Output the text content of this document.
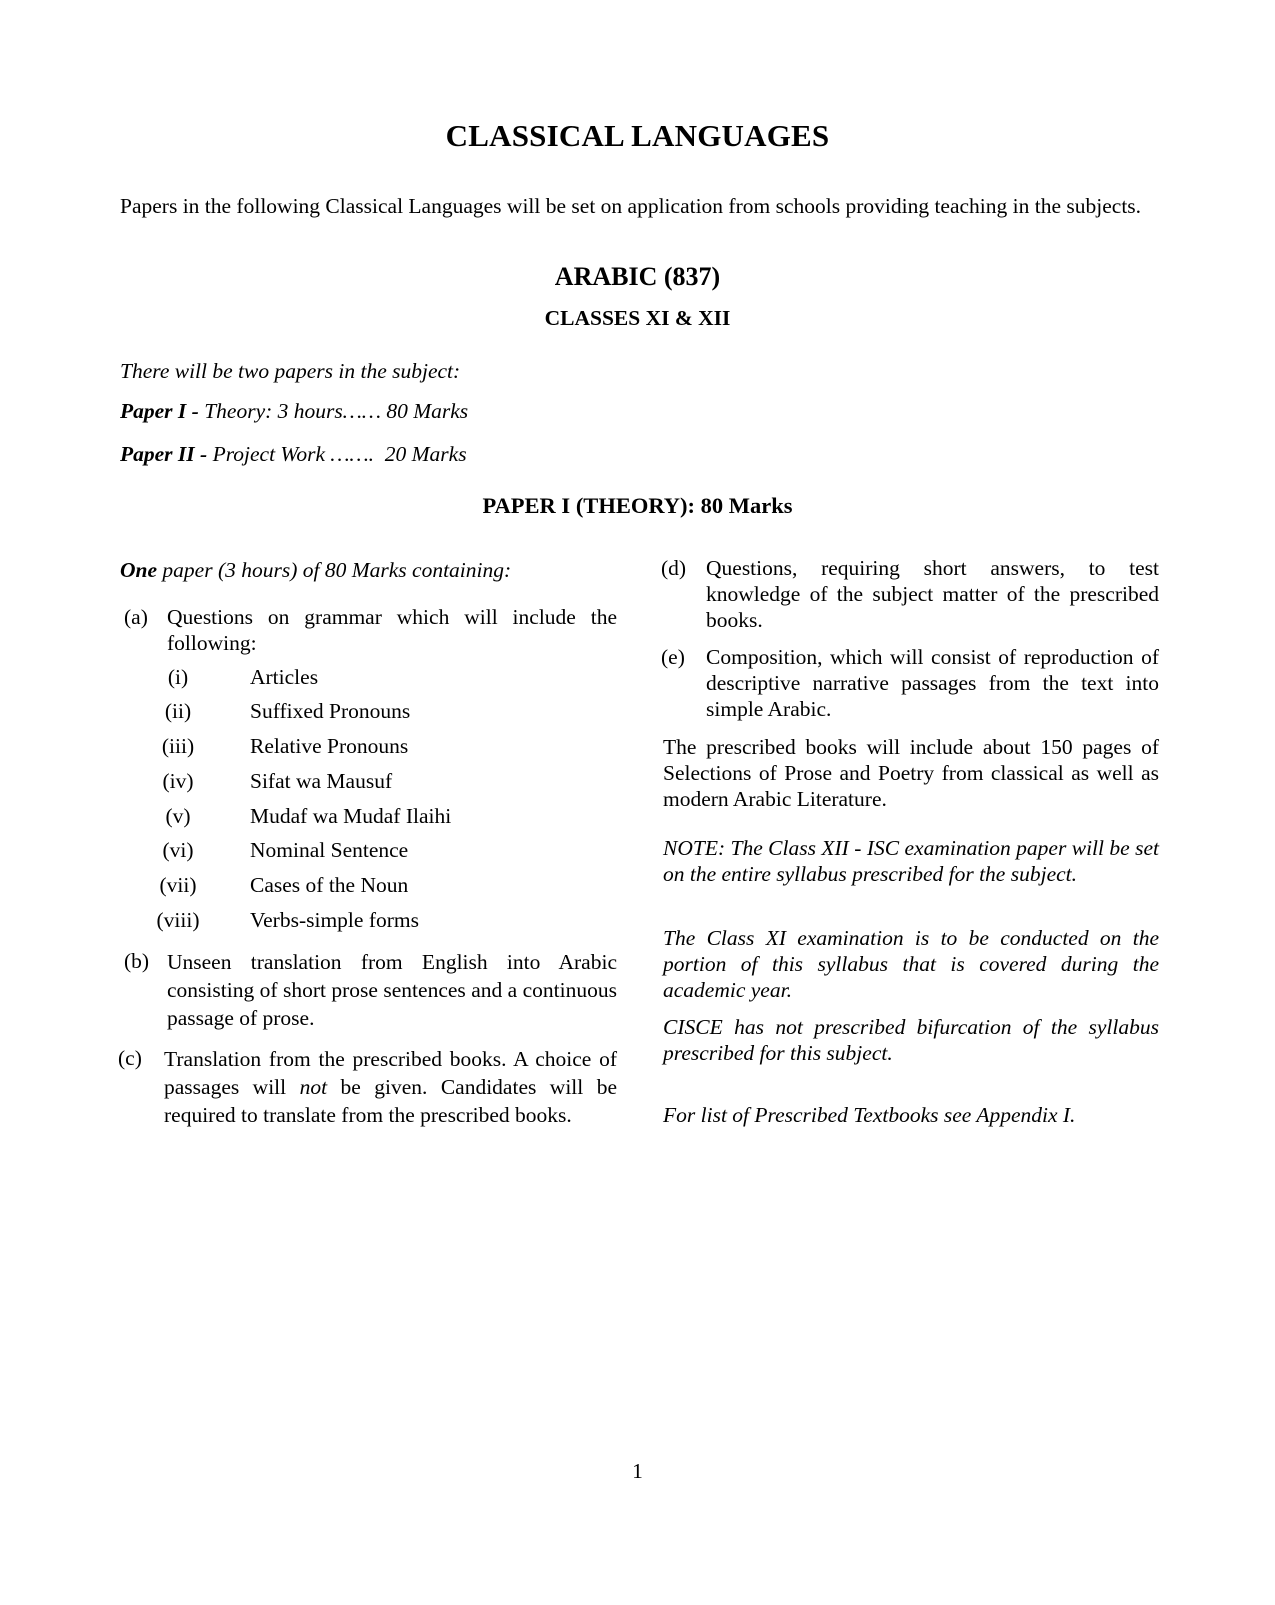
CLASSICAL LANGUAGES
Papers in the following Classical Languages will be set on application from schools providing teaching in the subjects.
ARABIC (837)
CLASSES XI & XII
There will be two papers in the subject:
Paper I - Theory: 3 hours…… 80 Marks
Paper II - Project Work …….  20 Marks
PAPER I (THEORY): 80 Marks
One paper (3 hours) of 80 Marks containing:
(a) Questions on grammar which will include the following:
(i)	Articles
(ii)	Suffixed Pronouns
(iii)	Relative Pronouns
(iv)	Sifat wa Mausuf
(v)	Mudaf wa Mudaf Ilaihi
(vi)	Nominal Sentence
(vii)	Cases of the Noun
(viii)	Verbs-simple forms
(b) Unseen translation from English into Arabic consisting of short prose sentences and a continuous passage of prose.
(c) Translation from the prescribed books. A choice of passages will not be given. Candidates will be required to translate from the prescribed books.
(d) Questions, requiring short answers, to test knowledge of the subject matter of the prescribed books.
(e) Composition, which will consist of reproduction of descriptive narrative passages from the text into simple Arabic.
The prescribed books will include about 150 pages of Selections of Prose and Poetry from classical as well as modern Arabic Literature.
NOTE: The Class XII - ISC examination paper will be set on the entire syllabus prescribed for the subject.
The Class XI examination is to be conducted on the portion of this syllabus that is covered during the academic year.
CISCE has not prescribed bifurcation of the syllabus prescribed for this subject.
For list of Prescribed Textbooks see Appendix I.
1
